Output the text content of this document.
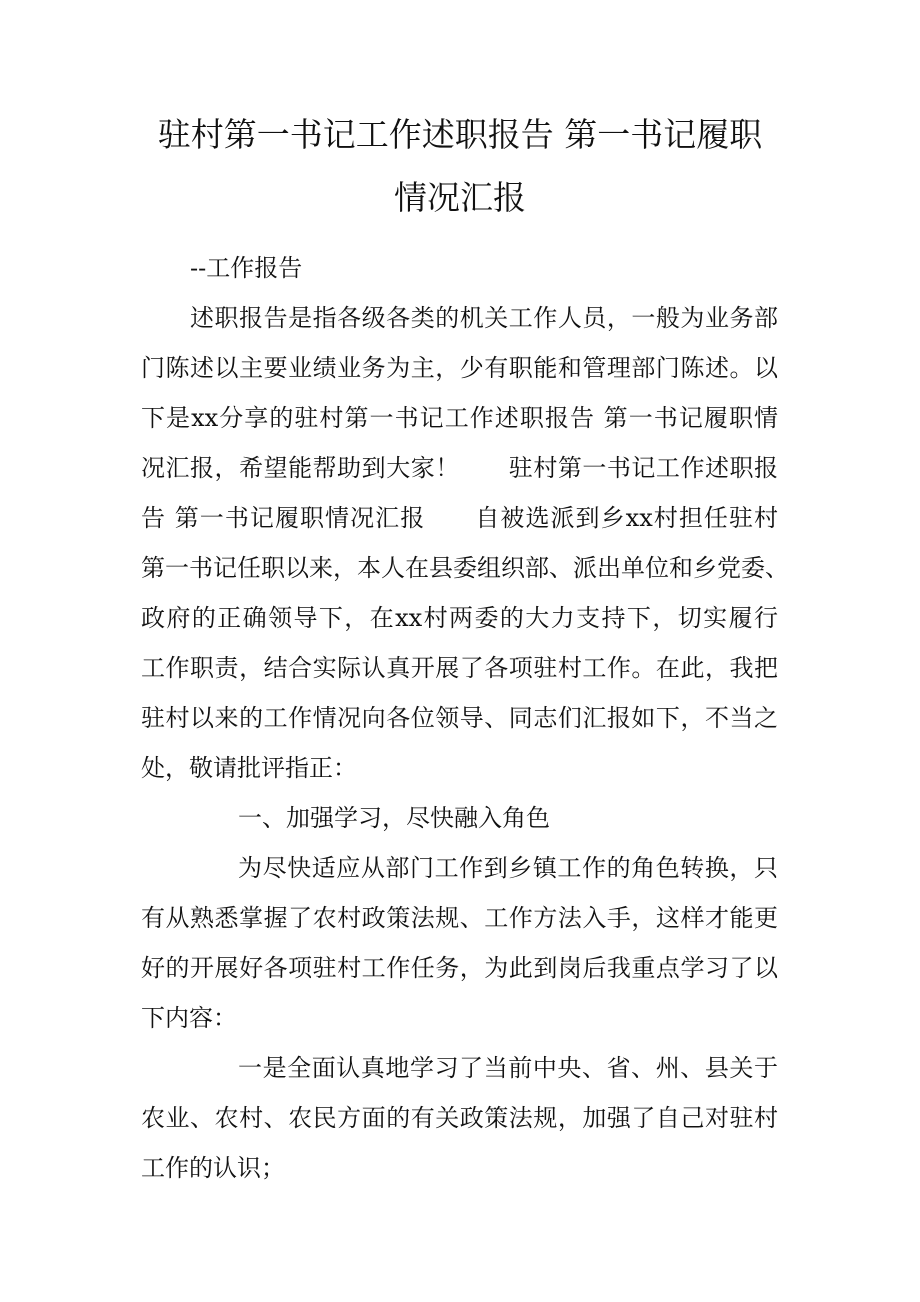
驻村第一书记工作述职报告 第一书记履职
情况汇报
--工作报告
述职报告是指各级各类的机关工作人员，一般为业务部
门陈述以主要业绩业务为主，少有职能和管理部门陈述。以
下是xx分享的驻村第一书记工作述职报告 第一书记履职情
况汇报，希望能帮助到大家！　　驻村第一书记工作述职报
告 第一书记履职情况汇报　　自被选派到乡xx村担任驻村
第一书记任职以来，本人在县委组织部、派出单位和乡党委、
政府的正确领导下，在xx村两委的大力支持下，切实履行
工作职责，结合实际认真开展了各项驻村工作。在此，我把
驻村以来的工作情况向各位领导、同志们汇报如下，不当之
处，敬请批评指正：
一、加强学习，尽快融入角色
为尽快适应从部门工作到乡镇工作的角色转换，只
有从熟悉掌握了农村政策法规、工作方法入手，这样才能更
好的开展好各项驻村工作任务，为此到岗后我重点学习了以
下内容：
一是全面认真地学习了当前中央、省、州、县关于
农业、农村、农民方面的有关政策法规，加强了自己对驻村
工作的认识；
